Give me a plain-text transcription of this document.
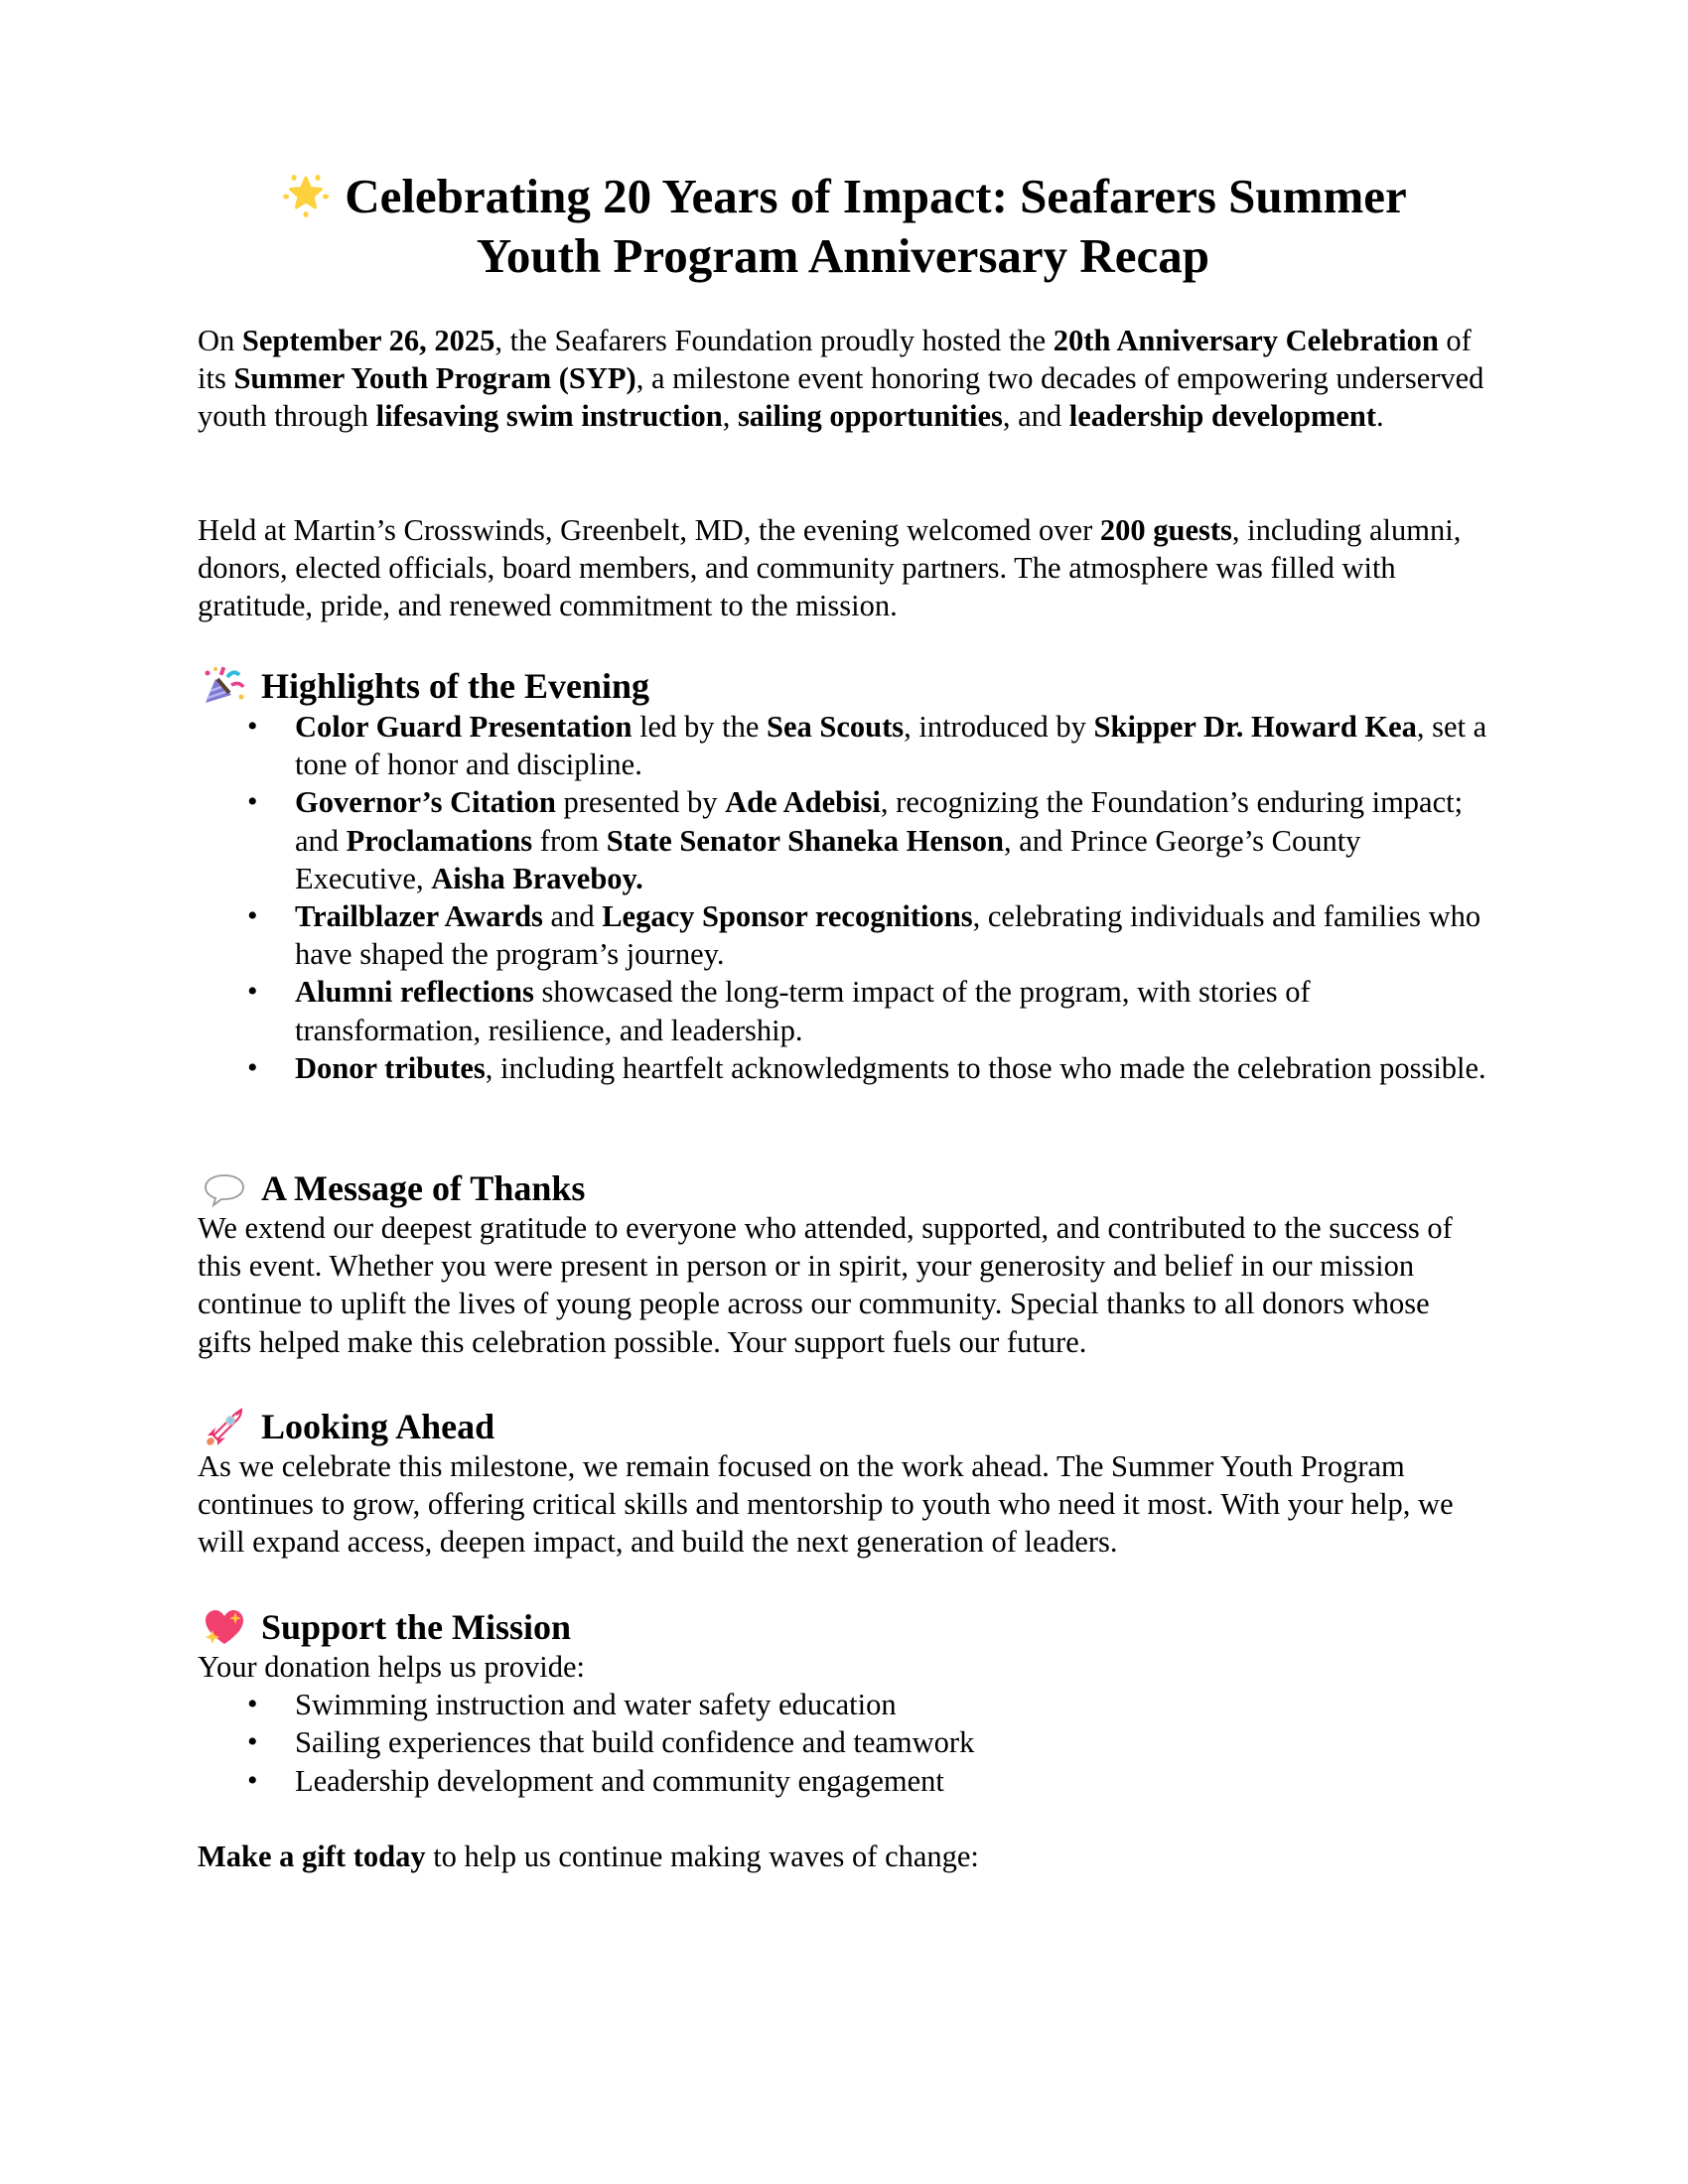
Celebrating 20 Years of Impact: Seafarers Summer
Youth Program Anniversary Recap

On September 26, 2025, the Seafarers Foundation proudly hosted the 20th Anniversary Celebration of its Summer Youth Program (SYP), a milestone event honoring two decades of empowering underserved youth through lifesaving swim instruction, sailing opportunities, and leadership development.

Held at Martin’s Crosswinds, Greenbelt, MD, the evening welcomed over 200 guests, including alumni, donors, elected officials, board members, and community partners. The atmosphere was filled with gratitude, pride, and renewed commitment to the mission.

Highlights of the Evening
• Color Guard Presentation led by the Sea Scouts, introduced by Skipper Dr. Howard Kea, set a tone of honor and discipline.
• Governor’s Citation presented by Ade Adebisi, recognizing the Foundation’s enduring impact; and Proclamations from State Senator Shaneka Henson, and Prince George’s County Executive, Aisha Braveboy.
• Trailblazer Awards and Legacy Sponsor recognitions, celebrating individuals and families who have shaped the program’s journey.
• Alumni reflections showcased the long-term impact of the program, with stories of transformation, resilience, and leadership.
• Donor tributes, including heartfelt acknowledgments to those who made the celebration possible.
A Message of Thanks

We extend our deepest gratitude to everyone who attended, supported, and contributed to the success of this event. Whether you were present in person or in spirit, your generosity and belief in our mission continue to uplift the lives of young people across our community. Special thanks to all donors whose gifts helped make this celebration possible. Your support fuels our future.

Looking Ahead

As we celebrate this milestone, we remain focused on the work ahead. The Summer Youth Program continues to grow, offering critical skills and mentorship to youth who need it most. With your help, we will expand access, deepen impact, and build the next generation of leaders.

Support the Mission

Your donation helps us provide:

• Swimming instruction and water safety education
• Sailing experiences that build confidence and teamwork
• Leadership development and community engagement

Make a gift today to help us continue making waves of change:
